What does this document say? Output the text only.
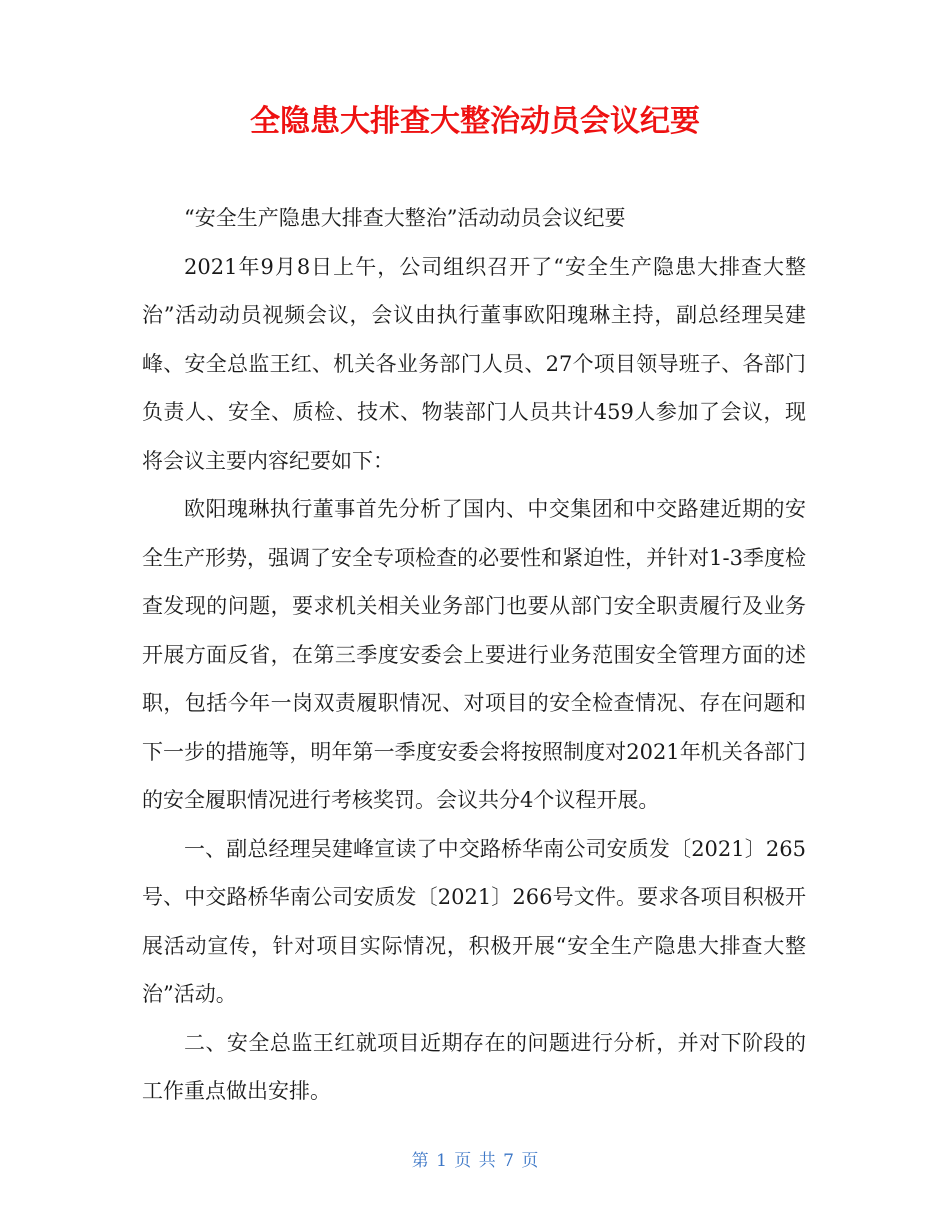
全隐患大排查大整治动员会议纪要

“安全生产隐患大排查大整治”活动动员会议纪要

2021年9月8日上午，公司组织召开了“安全生产隐患大排查大整治”活动动员视频会议，会议由执行董事欧阳瑰琳主持，副总经理吴建峰、安全总监王红、机关各业务部门人员、27个项目领导班子、各部门负责人、安全、质检、技术、物装部门人员共计459人参加了会议，现将会议主要内容纪要如下：

欧阳瑰琳执行董事首先分析了国内、中交集团和中交路建近期的安全生产形势，强调了安全专项检查的必要性和紧迫性，并针对1-3季度检查发现的问题，要求机关相关业务部门也要从部门安全职责履行及业务开展方面反省，在第三季度安委会上要进行业务范围安全管理方面的述职，包括今年一岗双责履职情况、对项目的安全检查情况、存在问题和下一步的措施等，明年第一季度安委会将按照制度对2021年机关各部门的安全履职情况进行考核奖罚。会议共分4个议程开展。

一、副总经理吴建峰宣读了中交路桥华南公司安质发〔2021〕265号、中交路桥华南公司安质发〔2021〕266号文件。要求各项目积极开展活动宣传，针对项目实际情况，积极开展“安全生产隐患大排查大整治”活动。

二、安全总监王红就项目近期存在的问题进行分析，并对下阶段的工作重点做出安排。

第 1 页 共 7 页
